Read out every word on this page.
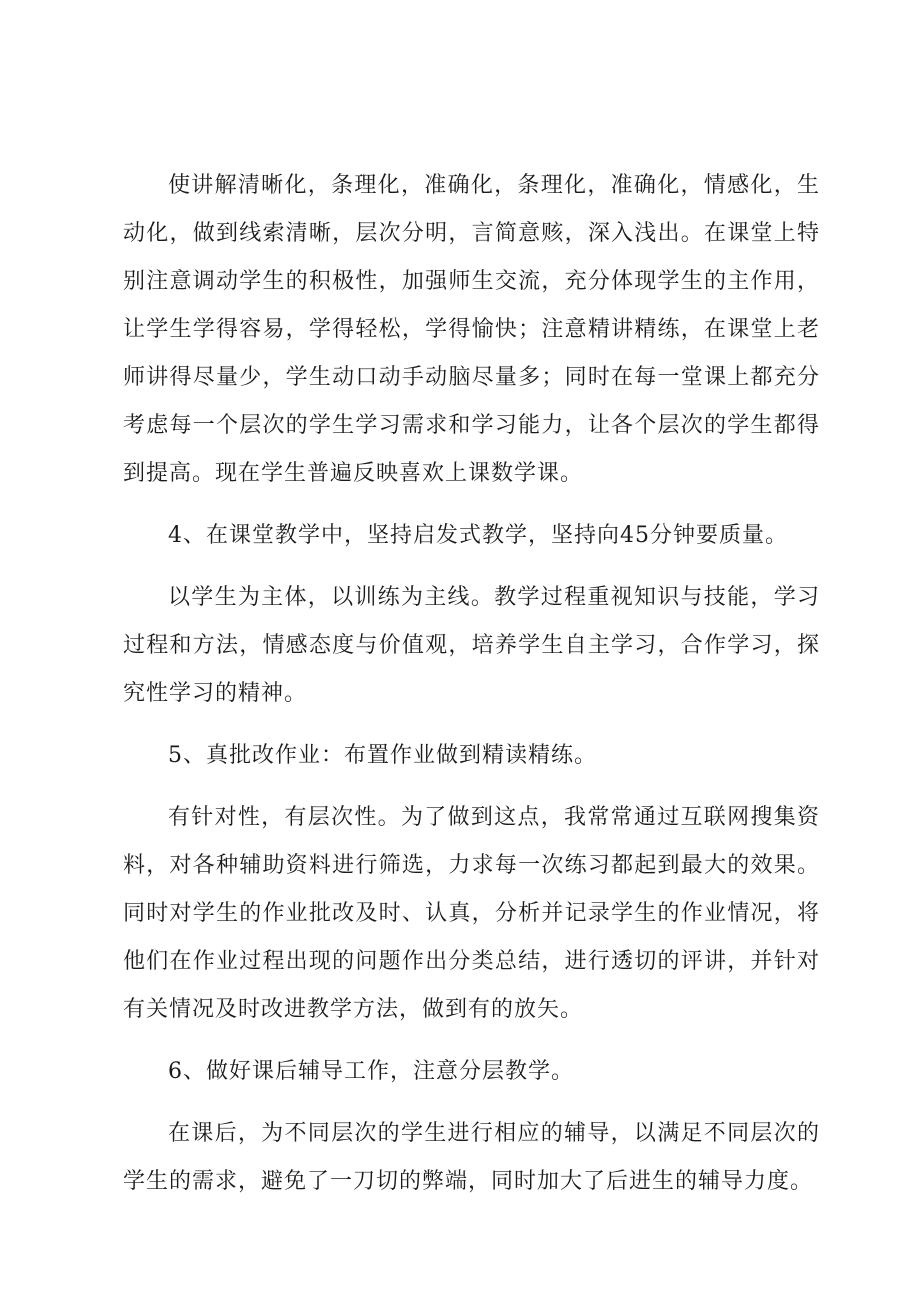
使讲解清晰化，条理化，准确化，条理化，准确化，情感化，生动化，做到线索清晰，层次分明，言简意赅，深入浅出。在课堂上特别注意调动学生的积极性，加强师生交流，充分体现学生的主作用，让学生学得容易，学得轻松，学得愉快；注意精讲精练，在课堂上老师讲得尽量少，学生动口动手动脑尽量多；同时在每一堂课上都充分考虑每一个层次的学生学习需求和学习能力，让各个层次的学生都得到提高。现在学生普遍反映喜欢上课数学课。

4、在课堂教学中，坚持启发式教学，坚持向45分钟要质量。

以学生为主体，以训练为主线。教学过程重视知识与技能，学习过程和方法，情感态度与价值观，培养学生自主学习，合作学习，探究性学习的精神。

5、真批改作业：布置作业做到精读精练。

有针对性，有层次性。为了做到这点，我常常通过互联网搜集资料，对各种辅助资料进行筛选，力求每一次练习都起到最大的效果。同时对学生的作业批改及时、认真，分析并记录学生的作业情况，将他们在作业过程出现的问题作出分类总结，进行透切的评讲，并针对有关情况及时改进教学方法，做到有的放矢。

6、做好课后辅导工作，注意分层教学。

在课后，为不同层次的学生进行相应的辅导，以满足不同层次的学生的需求，避免了一刀切的弊端，同时加大了后进生的辅导力度。
